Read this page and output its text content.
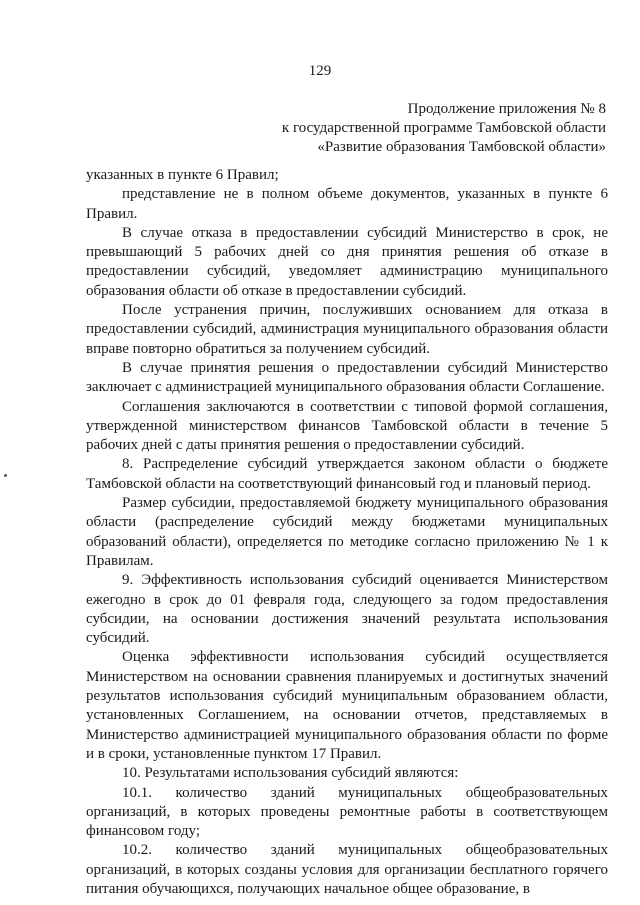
129
Продолжение приложения № 8
к государственной программе Тамбовской области
«Развитие образования Тамбовской области»

указанных в пункте 6 Правил;

представление не в полном объеме документов, указанных в пункте 6 Правил.

В случае отказа в предоставлении субсидий Министерство в срок, не превышающий 5 рабочих дней со дня принятия решения об отказе в предоставлении субсидий, уведомляет администрацию муниципального образования области об отказе в предоставлении субсидий.

После устранения причин, послуживших основанием для отказа в предоставлении субсидий, администрация муниципального образования области вправе повторно обратиться за получением субсидий.

В случае принятия решения о предоставлении субсидий Министерство заключает с администрацией муниципального образования области Соглашение.

Соглашения заключаются в соответствии с типовой формой соглашения, утвержденной министерством финансов Тамбовской области в течение 5 рабочих дней с даты принятия решения о предоставлении субсидий.

8. Распределение субсидий утверждается законом области о бюджете Тамбовской области на соответствующий финансовый год и плановый период.

Размер субсидии, предоставляемой бюджету муниципального образования области (распределение субсидий между бюджетами муниципальных образований области), определяется по методике согласно приложению № 1 к Правилам.

9. Эффективность использования субсидий оценивается Министерством ежегодно в срок до 01 февраля года, следующего за годом предоставления субсидии, на основании достижения значений результата использования субсидий.

Оценка эффективности использования субсидий осуществляется Министерством на основании сравнения планируемых и достигнутых значений результатов использования субсидий муниципальным образованием области, установленных Соглашением, на основании отчетов, представляемых в Министерство администрацией муниципального образования области по форме и в сроки, установленные пунктом 17 Правил.

10. Результатами использования субсидий являются:

10.1. количество зданий муниципальных общеобразовательных организаций, в которых проведены ремонтные работы в соответствующем финансовом году;

10.2. количество зданий муниципальных общеобразовательных организаций, в которых созданы условия для организации бесплатного горячего питания обучающихся, получающих начальное общее образование, в
